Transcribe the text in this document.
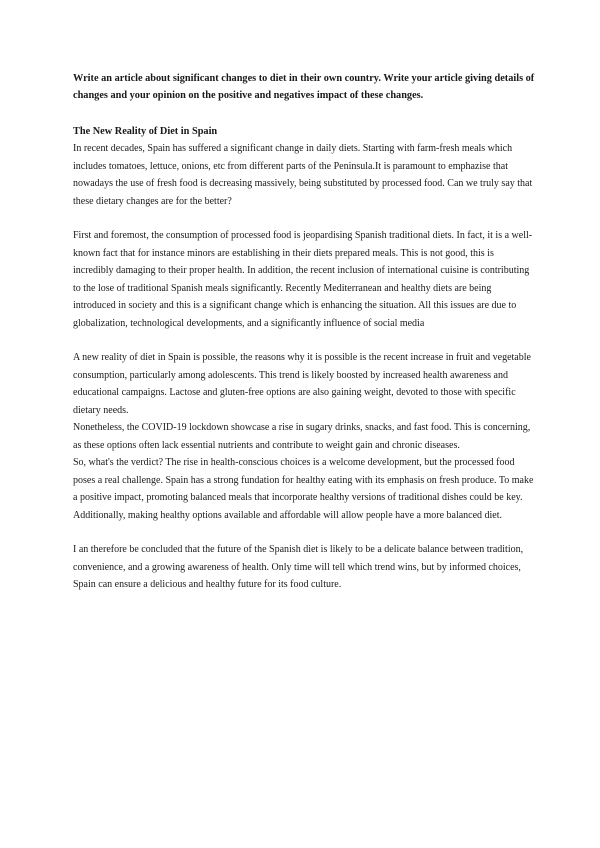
Write an article about significant changes to diet in their own country. Write your article giving details of changes and your opinion on the positive and negatives impact of these changes.

The New Reality of Diet in Spain

In recent decades, Spain has suffered a significant change in daily diets. Starting with farm-fresh meals which includes tomatoes, lettuce, onions, etc from different parts of the Peninsula.It is paramount to emphazise that nowadays the use of fresh food is decreasing massively, being substituted by processed food. Can we truly say that these dietary changes are for the better?

First and foremost, the consumption of processed food is jeopardising Spanish traditional diets. In fact, it is a well-known fact that for instance minors are establishing in their diets prepared meals. This is not good, this is incredibly damaging to their proper health. In addition, the recent inclusion of international cuisine is contributing to the lose of traditional Spanish meals significantly. Recently Mediterranean and healthy diets are being introduced in society and this is a significant change which is enhancing the situation. All this issues are due to globalization, technological developments, and a significantly influence of social media

A new reality of diet in Spain is possible, the reasons why it is possible is the recent increase in fruit and vegetable consumption, particularly among adolescents. This trend is likely boosted by increased health awareness and educational campaigns. Lactose and gluten-free options are also gaining weight, devoted to those with specific dietary needs.

Nonetheless, the COVID-19 lockdown showcase a rise in sugary drinks, snacks, and fast food. This is concerning, as these options often lack essential nutrients and contribute to weight gain and chronic diseases.

So, what's the verdict? The rise in health-conscious choices is a welcome development, but the processed food poses a real challenge. Spain has a strong fundation for healthy eating with its emphasis on fresh produce. To make a positive impact, promoting balanced meals that incorporate healthy versions of traditional dishes could be key. Additionally, making healthy options available and affordable will allow people have a more balanced diet.

I an therefore be concluded that the future of the Spanish diet is likely to be a delicate balance between tradition, convenience, and a growing awareness of health. Only time will tell which trend wins, but by informed choices, Spain can ensure a delicious and healthy future for its food culture.
